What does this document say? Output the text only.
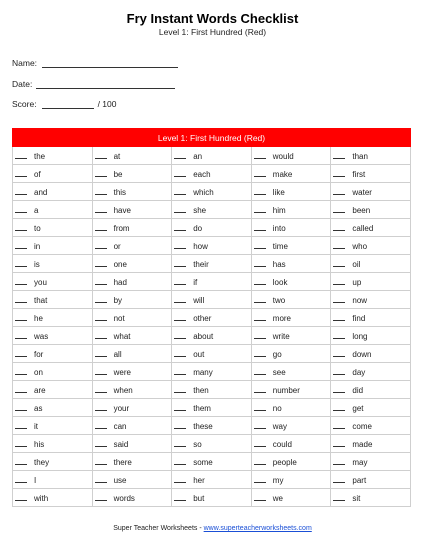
Fry Instant Words Checklist
Level 1: First Hundred (Red)
Name:
Date:
Score:	/ 100
Level 1: First Hundred (Red)				
the	at	an	would	than
of	be	each	make	first
and	this	which	like	water
a	have	she	him	been
to	from	do	into	called
in	or	how	time	who
is	one	their	has	oil
you	had	if	look	up
that	by	will	two	now
he	not	other	more	find
was	what	about	write	long
for	all	out	go	down
on	were	many	see	day
are	when	then	number	did
as	your	them	no	get
it	can	these	way	come
his	said	so	could	made
they	there	some	people	may
I	use	her	my	part
with	words	but	we	sit
Super Teacher Worksheets - www.superteacherworksheets.com
